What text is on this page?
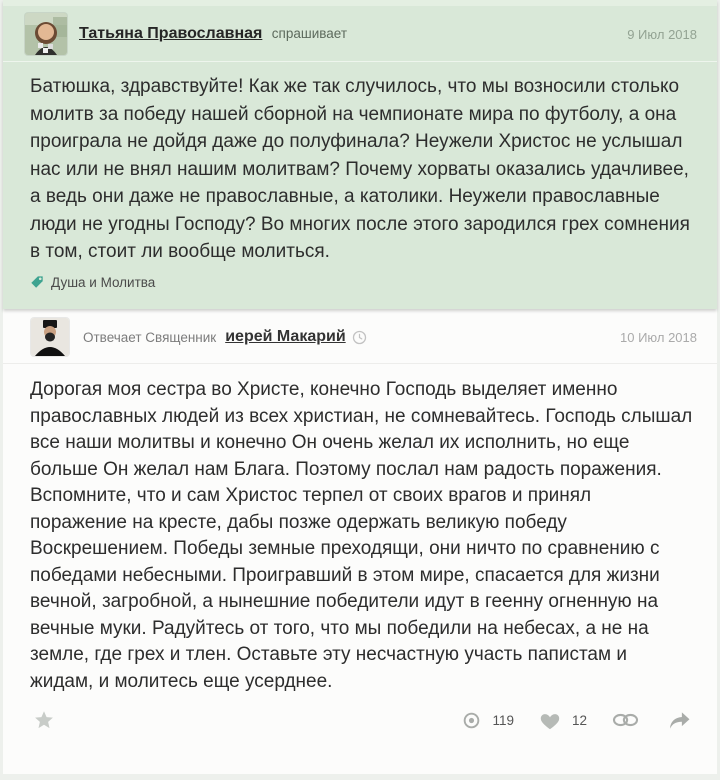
Татьяна Православная спрашивает	9 Июл 2018
Батюшка, здравствуйте! Как же так случилось, что мы возносили столько молитв за победу нашей сборной на чемпионате мира по футболу, а она проиграла не дойдя даже до полуфинала? Неужели Христос не услышал нас или не внял нашим молитвам? Почему хорваты оказались удачливее, а ведь они даже не православные, а католики. Неужели православные люди не угодны Господу? Во многих после этого зародился грех сомнения в том, стоит ли вообще молиться.
Душа и Молитва
Отвечает Священник иерей Макарий	10 Июл 2018
Дорогая моя сестра во Христе, конечно Господь выделяет именно православных людей из всех христиан, не сомневайтесь. Господь слышал все наши молитвы и конечно Он очень желал их исполнить, но еще больше Он желал нам Блага. Поэтому послал нам радость поражения. Вспомните, что и сам Христос терпел от своих врагов и принял поражение на кресте, дабы позже одержать великую победу Воскрешением. Победы земные преходящи, они ничто по сравнению с победами небесными. Проигравший в этом мире, спасается для жизни вечной, загробной, а нынешние победители идут в геенну огненную на вечные муки. Радуйтесь от того, что мы победили на небесах, а не на земле, где грех и тлен. Оставьте эту несчастную участь папистам и жидам, и молитесь еще усерднее.
119	12
